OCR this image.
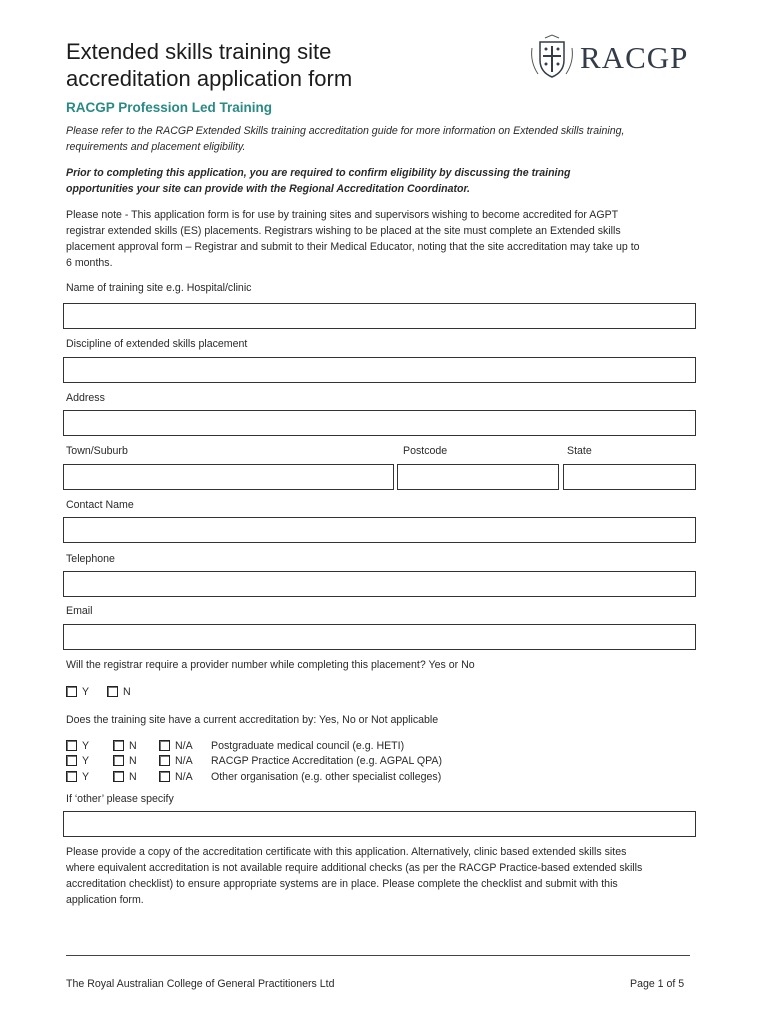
Extended skills training site
accreditation application form
RACGP
RACGP Profession Led Training
Please refer to the RACGP Extended Skills training accreditation guide for more information on Extended skills training,
requirements and placement eligibility.
Prior to completing this application, you are required to confirm eligibility by discussing the training
opportunities your site can provide with the Regional Accreditation Coordinator.
Please note - This application form is for use by training sites and supervisors wishing to become accredited for AGPT
registrar extended skills (ES) placements. Registrars wishing to be placed at the site must complete an Extended skills
placement approval form – Registrar and submit to their Medical Educator, noting that the site accreditation may take up to
6 months.
Name of training site e.g. Hospital/clinic
Discipline of extended skills placement
Address
Town/Suburb	Postcode	State
Contact Name
Telephone
Email
Will the registrar require a provider number while completing this placement? Yes or No
Y	N
Does the training site have a current accreditation by: Yes, No or Not applicable
Y	N	N/A Postgraduate medical council (e.g. HETI)
Y	N	N/A RACGP Practice Accreditation (e.g. AGPAL QPA)
Y	N	N/A Other organisation (e.g. other specialist colleges)
If ‘other’ please specify
Please provide a copy of the accreditation certificate with this application. Alternatively, clinic based extended skills sites
where equivalent accreditation is not available require additional checks (as per the RACGP Practice-based extended skills
accreditation checklist) to ensure appropriate systems are in place. Please complete the checklist and submit with this
application form.
The Royal Australian College of General Practitioners Ltd	Page 1 of 5
